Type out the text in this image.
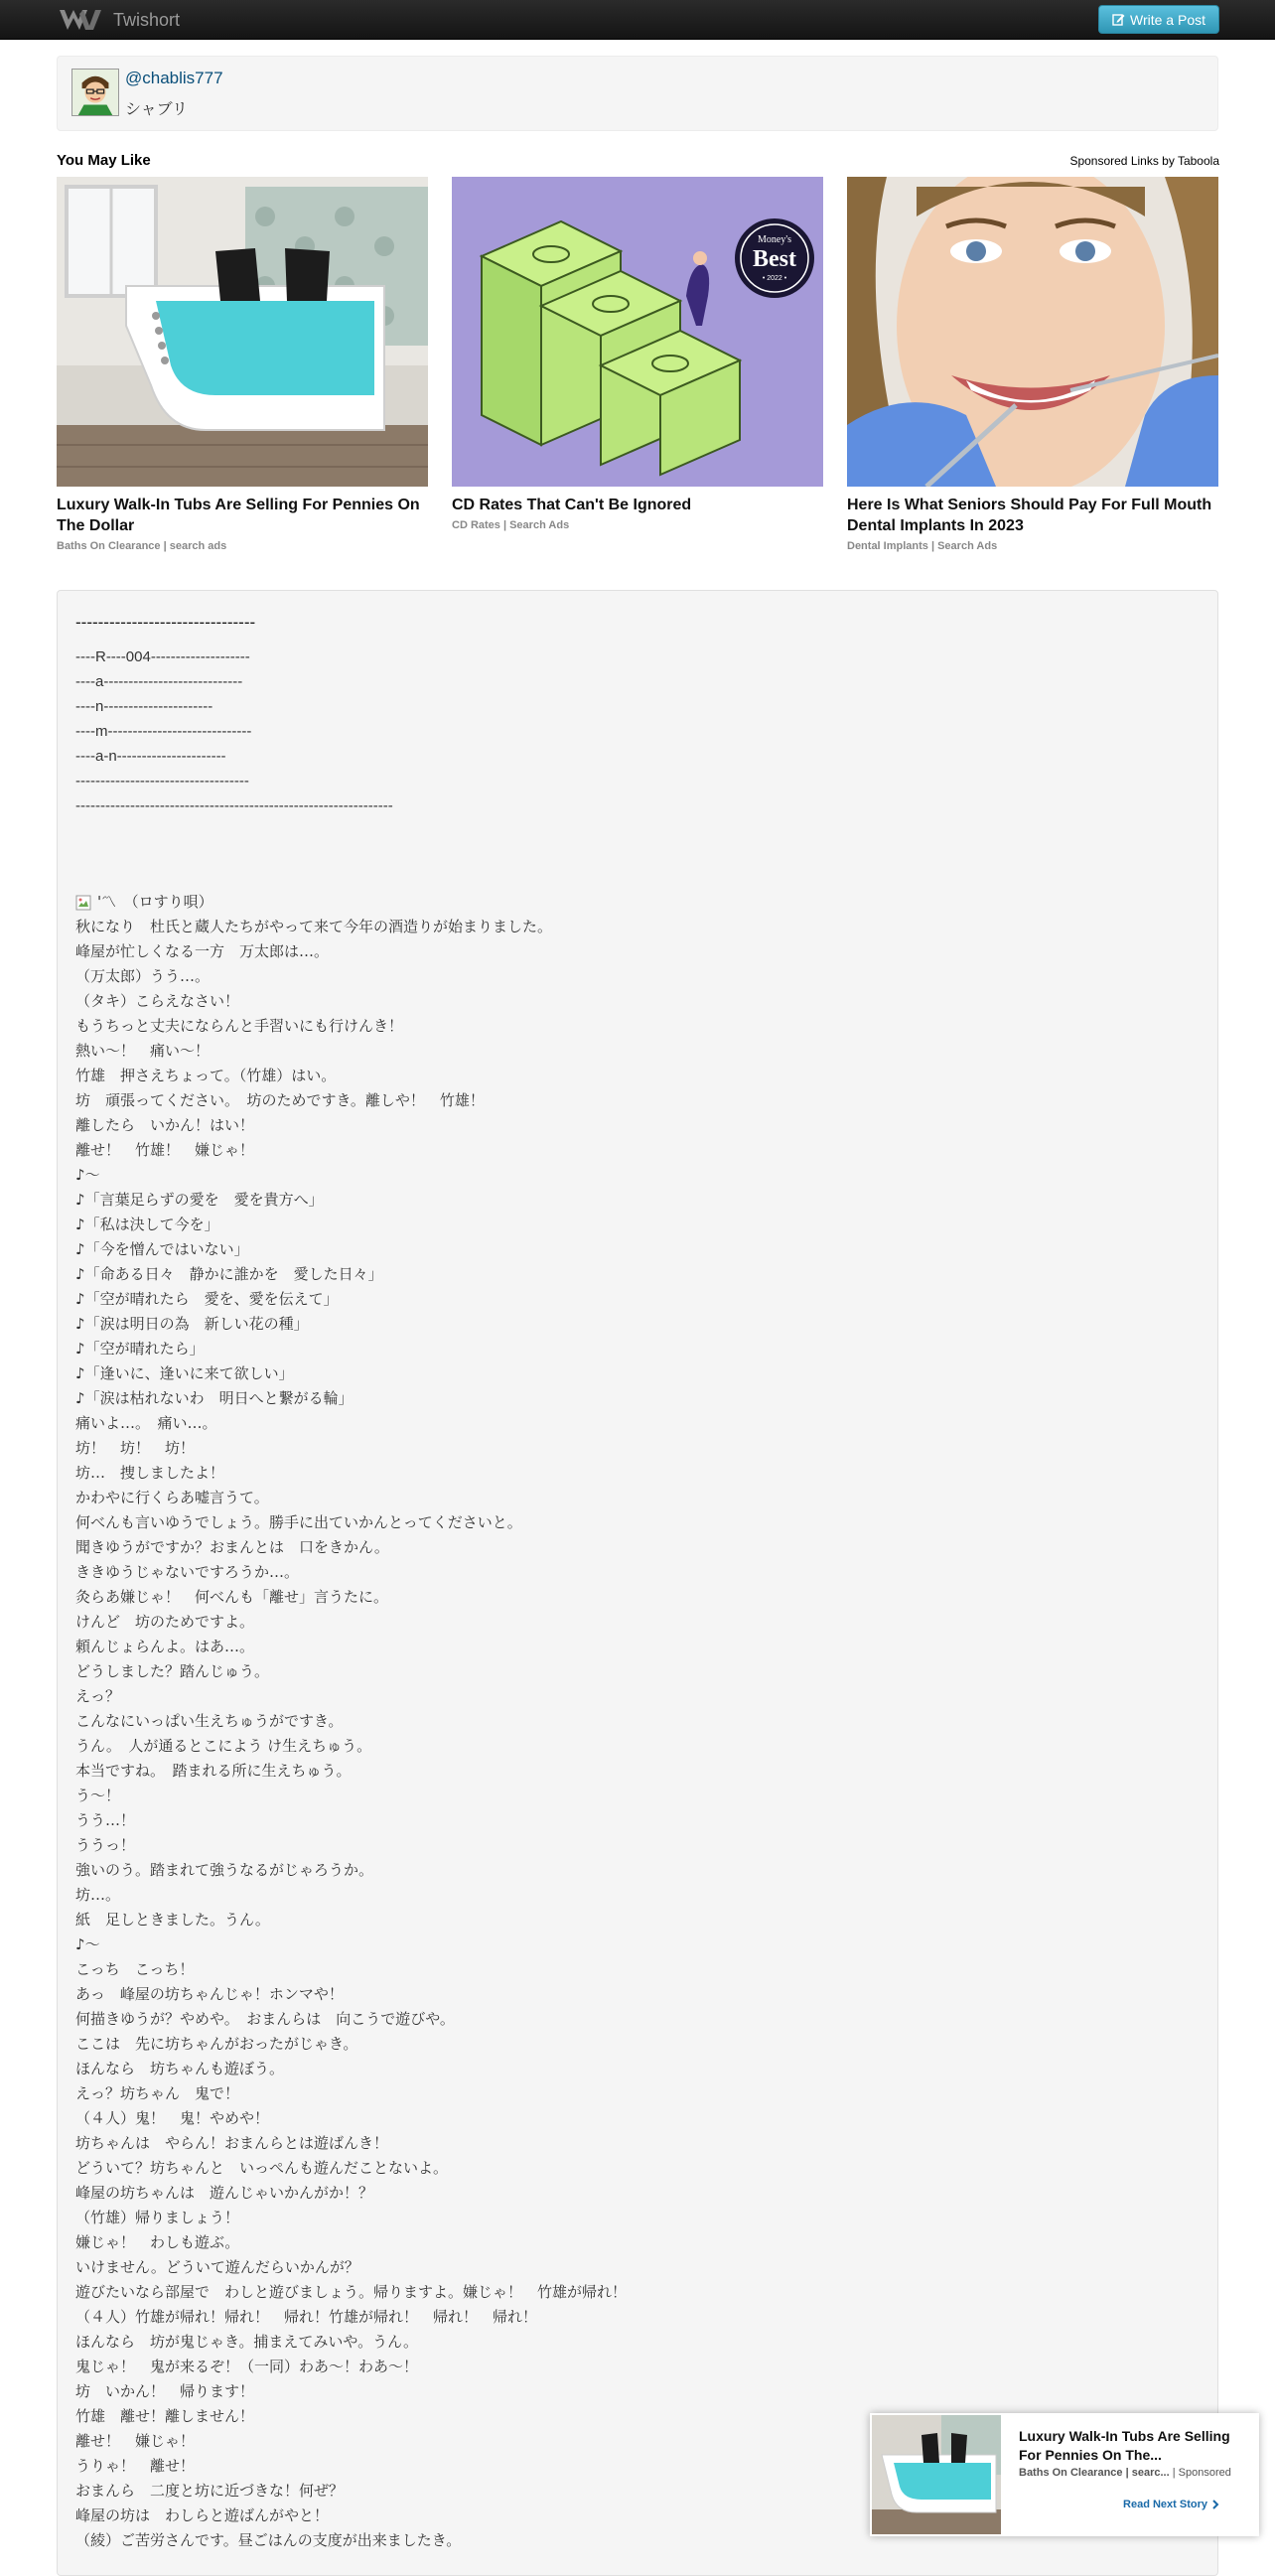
Twishort	Write a Post
@chablis777
シャブリ
You May Like	Sponsored Links by Taboola
Luxury Walk-In Tubs Are Selling For Pennies On The Dollar
Baths On Clearance | search ads
Money's
Best
• 2022 •
CD Rates That Can't Be Ignored
CD Rates | Search Ads
Here Is What Seniors Should Pay For Full Mouth Dental Implants In 2023
Dental Implants | Search Ads
--------------------------------
----R----004--------------------
----a----------------------------
----n----------------------
----m-----------------------------
----a-n----------------------
-----------------------------------
----------------------------------------------------------------
'〽　（ロすり唄）
秋になり　杜氏と蔵人たちがやって来て今年の酒造りが始まりました。
峰屋が忙しくなる一方　万太郎は…。
（万太郎）うう…。
（タキ）こらえなさい！
もうちっと丈夫にならんと手習いにも行けんき！
熱い～！　痛い～！
竹雄　押さえちょって。（竹雄）はい。
坊　頑張ってください。　坊のためですき。離しや！　竹雄！
離したら　いかん！はい！
離せ！　竹雄！　嫌じゃ！
♪～
♪「言葉足らずの愛を　愛を貴方へ」
♪「私は決して今を」
♪「今を憎んではいない」
♪「命ある日々　静かに誰かを　愛した日々」
♪「空が晴れたら　愛を、愛を伝えて」
♪「涙は明日の為　新しい花の種」
♪「空が晴れたら」
♪「逢いに、逢いに来て欲しい」
♪「涙は枯れないわ　明日へと繋がる輪」
痛いよ…。　痛い…。
坊！　坊！　坊！
坊…　捜しましたよ！
かわやに行くらあ嘘言うて。
何べんも言いゆうでしょう。勝手に出ていかんとってくださいと。
聞きゆうがですか？おまんとは　口をきかん。
ききゆうじゃないですろうか…。
灸らあ嫌じゃ！　何べんも「離せ」言うたに。
けんど　坊のためですよ。
頼んじょらんよ。はあ…。
どうしました？踏んじゅう。
えっ？
こんなにいっぱい生えちゅうがですき。
うん。　人が通るとこによう け生えちゅう。
本当ですね。　踏まれる所に生えちゅう。
う～！
うう…！
ううっ！
強いのう。踏まれて強うなるがじゃろうか。
坊…。
紙　足しときました。うん。
♪～
こっち　こっち！
あっ　峰屋の坊ちゃんじゃ！ホンマや！
何描きゆうが？やめや。　おまんらは　向こうで遊びや。
ここは　先に坊ちゃんがおったがじゃき。
ほんなら　坊ちゃんも遊ぼう。
えっ？坊ちゃん　鬼で！
（４人）鬼！　鬼！やめや！
坊ちゃんは　やらん！おまんらとは遊ばんき！
どういて？坊ちゃんと　いっぺんも遊んだことないよ。
峰屋の坊ちゃんは　遊んじゃいかんがか！？
（竹雄）帰りましょう！
嫌じゃ！　わしも遊ぶ。
いけません。どういて遊んだらいかんが？
遊びたいなら部屋で　わしと遊びましょう。帰りますよ。嫌じゃ！　竹雄が帰れ！
（４人）竹雄が帰れ！帰れ！　帰れ！竹雄が帰れ！　帰れ！　帰れ！
ほんなら　坊が鬼じゃき。捕まえてみいや。うん。
鬼じゃ！　鬼が来るぞ！（一同）わあ～！わあ～！
坊　いかん！　帰ります！
竹雄　離せ！離しません！
離せ！　嫌じゃ！
うりゃ！　離せ！
おまんら　二度と坊に近づきな！何ぜ？
峰屋の坊は　わしらと遊ばんがやと！
（綾）ご苦労さんです。昼ごはんの支度が出来ましたき。
Luxury Walk-In Tubs Are Selling For Pennies On The...
Baths On Clearance | searc... | Sponsored
Read Next Story
